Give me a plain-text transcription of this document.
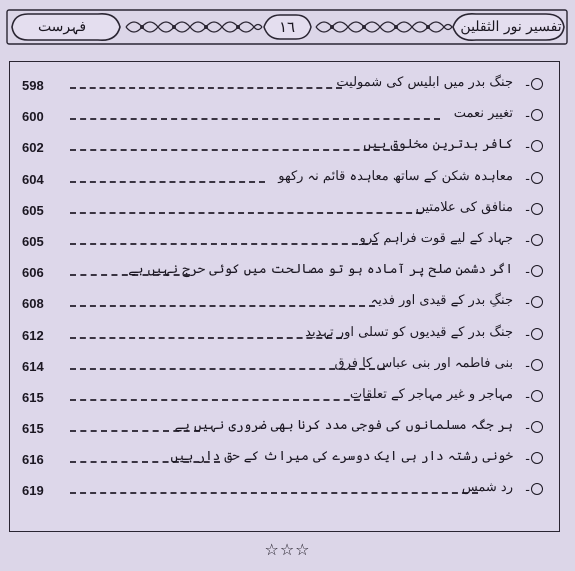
تفسیر نور الثقلین
١٦
فہرست
598	جنگ بدر میں ابلیس کی شمولیت -
600	تغییر نعمت -
602	کافر بدترین مخلوق ہیں -
604	معاہدہ شکن کے ساتھ معاہدہ قائم نہ رکھو -
605	منافق کی علامتیں -
605	جہاد کے لیے قوت فراہم کرو -
606	اگر دشمن صلح پر آمادہ ہو تو مصالحت میں کوئی حرج نہیں ہے -
608	جنگِ بدر کے قیدی اور فدیہ -
612	جنگ بدر کے قیدیوں کو تسلی اور تہدید -
614	بنی فاطمہ اور بنی عباس کا فرق -
615	مہاجر و غیر مہاجر کے تعلقات -
615	ہر جگہ مسلمانوں کی فوجی مدد کرنا بھی ضروری نہیں ہے -
616	خونی رشتہ دار ہی ایک دوسرے کی میراث کے حق دار ہیں -
619	رد شمس -
☆☆☆
